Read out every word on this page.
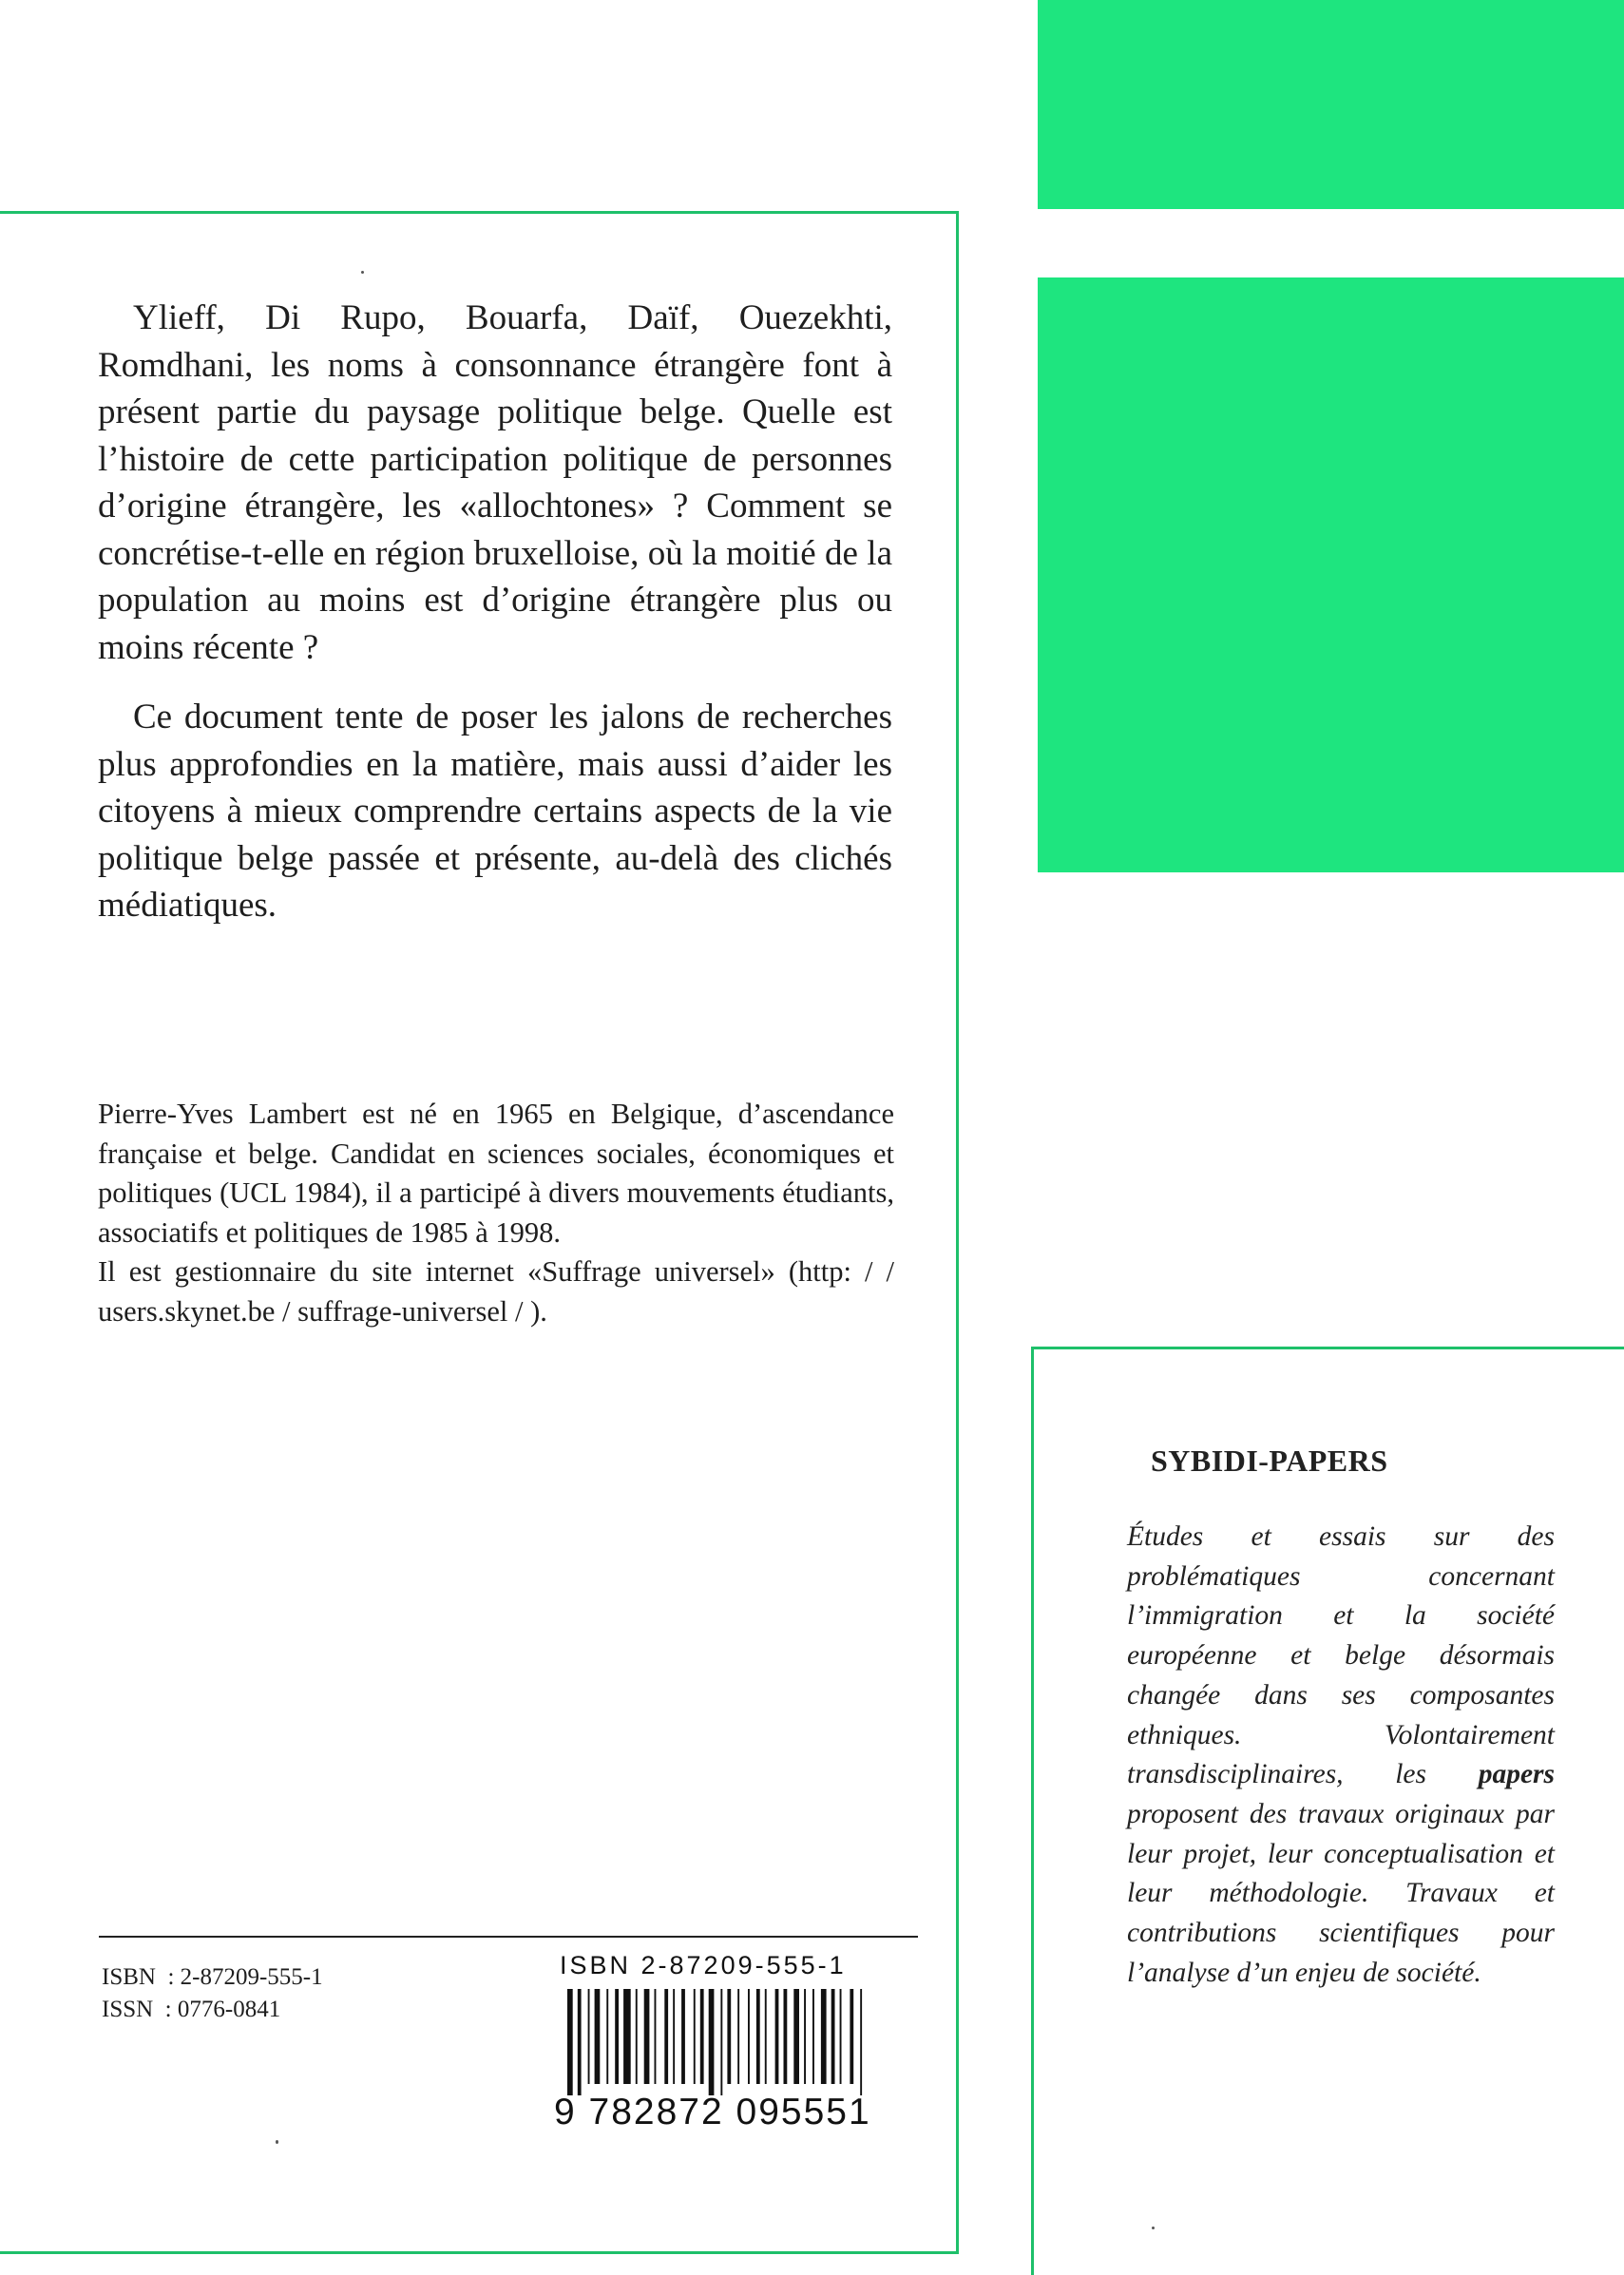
Ylieff, Di Rupo, Bouarfa, Daïf, Ouezekhti, Romdhani, les noms à consonnance étrangère font à présent partie du paysage politique belge. Quelle est l’histoire de cette participation politique de personnes d’origine étrangère, les «allochtones» ? Comment se concrétise-t-elle en région bruxelloise, où la moitié de la population au moins est d’origine étrangère plus ou moins récente ?

Ce document tente de poser les jalons de recherches plus approfondies en la matière, mais aussi d’aider les citoyens à mieux comprendre certains aspects de la vie politique belge passée et présente, au-delà des clichés médiatiques.

Pierre-Yves Lambert est né en 1965 en Belgique, d’ascendance française et belge. Candidat en sciences sociales, économiques et politiques (UCL 1984), il a participé à divers mouvements étudiants, associatifs et politiques de 1985 à 1998.

Il est gestionnaire du site internet «Suffrage universel» (http: / / users.skynet.be / suffrage-universel / ).

ISBN  : 2-87209-555-1
ISSN  : 0776-0841
ISBN 2-87209-555-1
9 782872 095551
SYBIDI-PAPERS
Études et essais sur des problématiques concernant l’immigration et la société européenne et belge désormais changée dans ses composantes ethniques. Volontairement transdisciplinaires, les papers proposent des travaux originaux par leur projet, leur conceptualisation et leur méthodologie. Travaux et contributions scientifiques pour l’analyse d’un enjeu de société.
